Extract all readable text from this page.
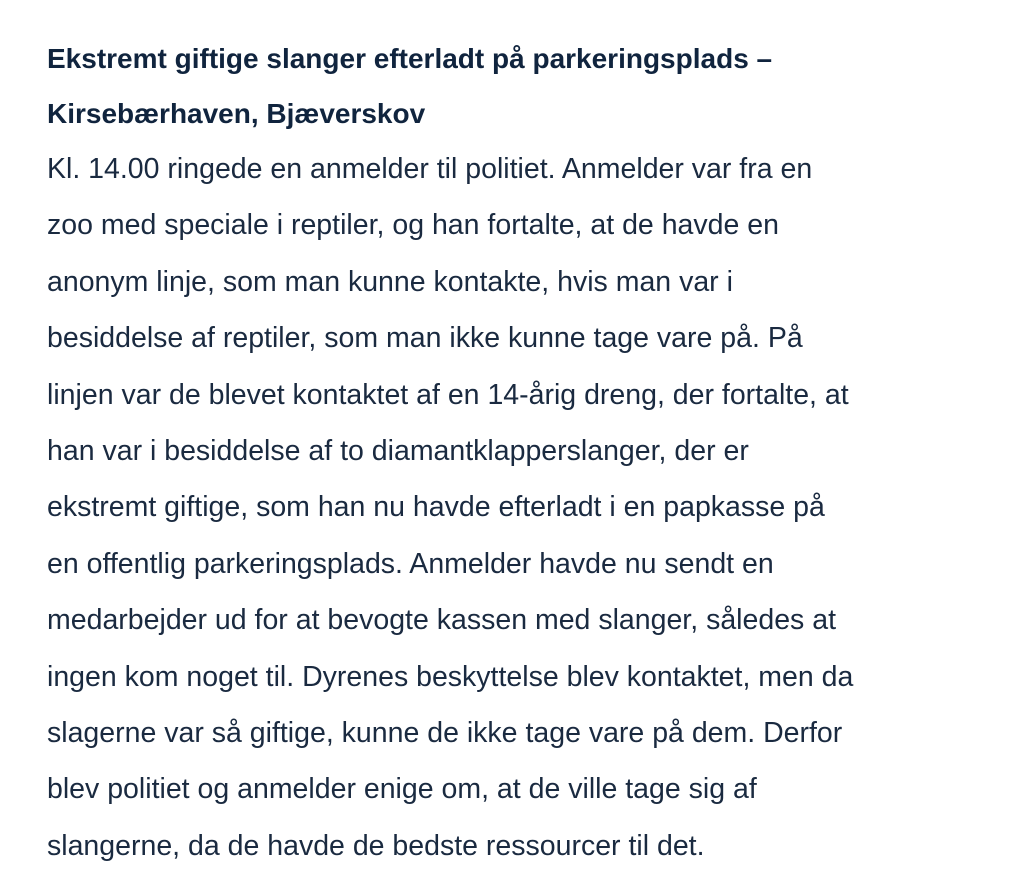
Ekstremt giftige slanger efterladt på parkeringsplads –
Kirsebærhaven, Bjæverskov

Kl. 14.00 ringede en anmelder til politiet. Anmelder var fra en
zoo med speciale i reptiler, og han fortalte, at de havde en
anonym linje, som man kunne kontakte, hvis man var i
besiddelse af reptiler, som man ikke kunne tage vare på. På
linjen var de blevet kontaktet af en 14-årig dreng, der fortalte, at
han var i besiddelse af to diamantklapperslanger, der er
ekstremt giftige, som han nu havde efterladt i en papkasse på
en offentlig parkeringsplads. Anmelder havde nu sendt en
medarbejder ud for at bevogte kassen med slanger, således at
ingen kom noget til. Dyrenes beskyttelse blev kontaktet, men da
slagerne var så giftige, kunne de ikke tage vare på dem. Derfor
blev politiet og anmelder enige om, at de ville tage sig af
slangerne, da de havde de bedste ressourcer til det.
